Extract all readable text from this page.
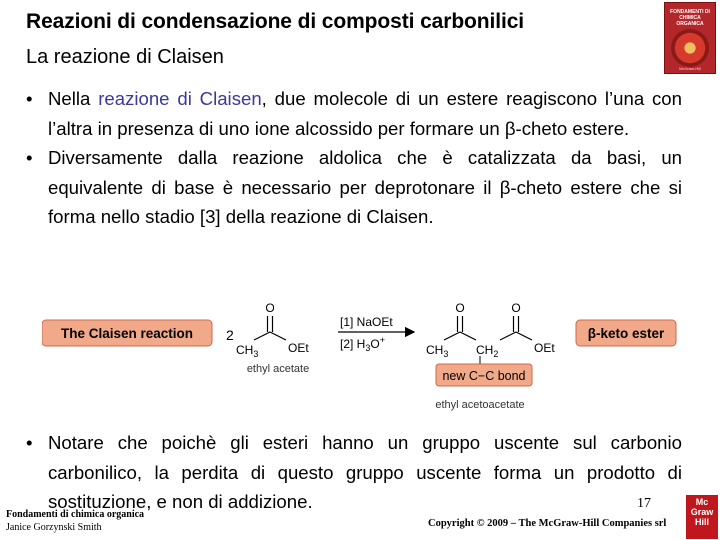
Reazioni di condensazione di composti carbonilici
La reazione di Claisen
FONDAMENTI DI CHIMICA ORGANICA
McGraw-Hill
• Nella reazione di Claisen, due molecole di un estere reagiscono l’una con l’altra in presenza di uno ione alcossido per formare un β-cheto estere.
• Diversamente dalla reazione aldolica che è catalizzata da basi, un equivalente di base è necessario per deprotonare il β-cheto estere che si forma nello stadio [3] della reazione di Claisen.
The Claisen reaction 2
O
$CH_3$ OEt
ethyl acetate
[1] NaOEt
[2] $H_3O^+$
O	O
$CH_3$ $CH_2$	OEt
new C−C bond
ethyl acetoacetate
β-keto ester
• Notare che poichè gli esteri hanno un gruppo uscente sul carbonio carbonilico, la perdita di questo gruppo uscente forma un prodotto di sostituzione, e non di addizione.
Fondamenti di chimica organica
Janice Gorzynski Smith
17
Copyright © 2009 – The McGraw-Hill Companies srl
Mc Graw Hill
